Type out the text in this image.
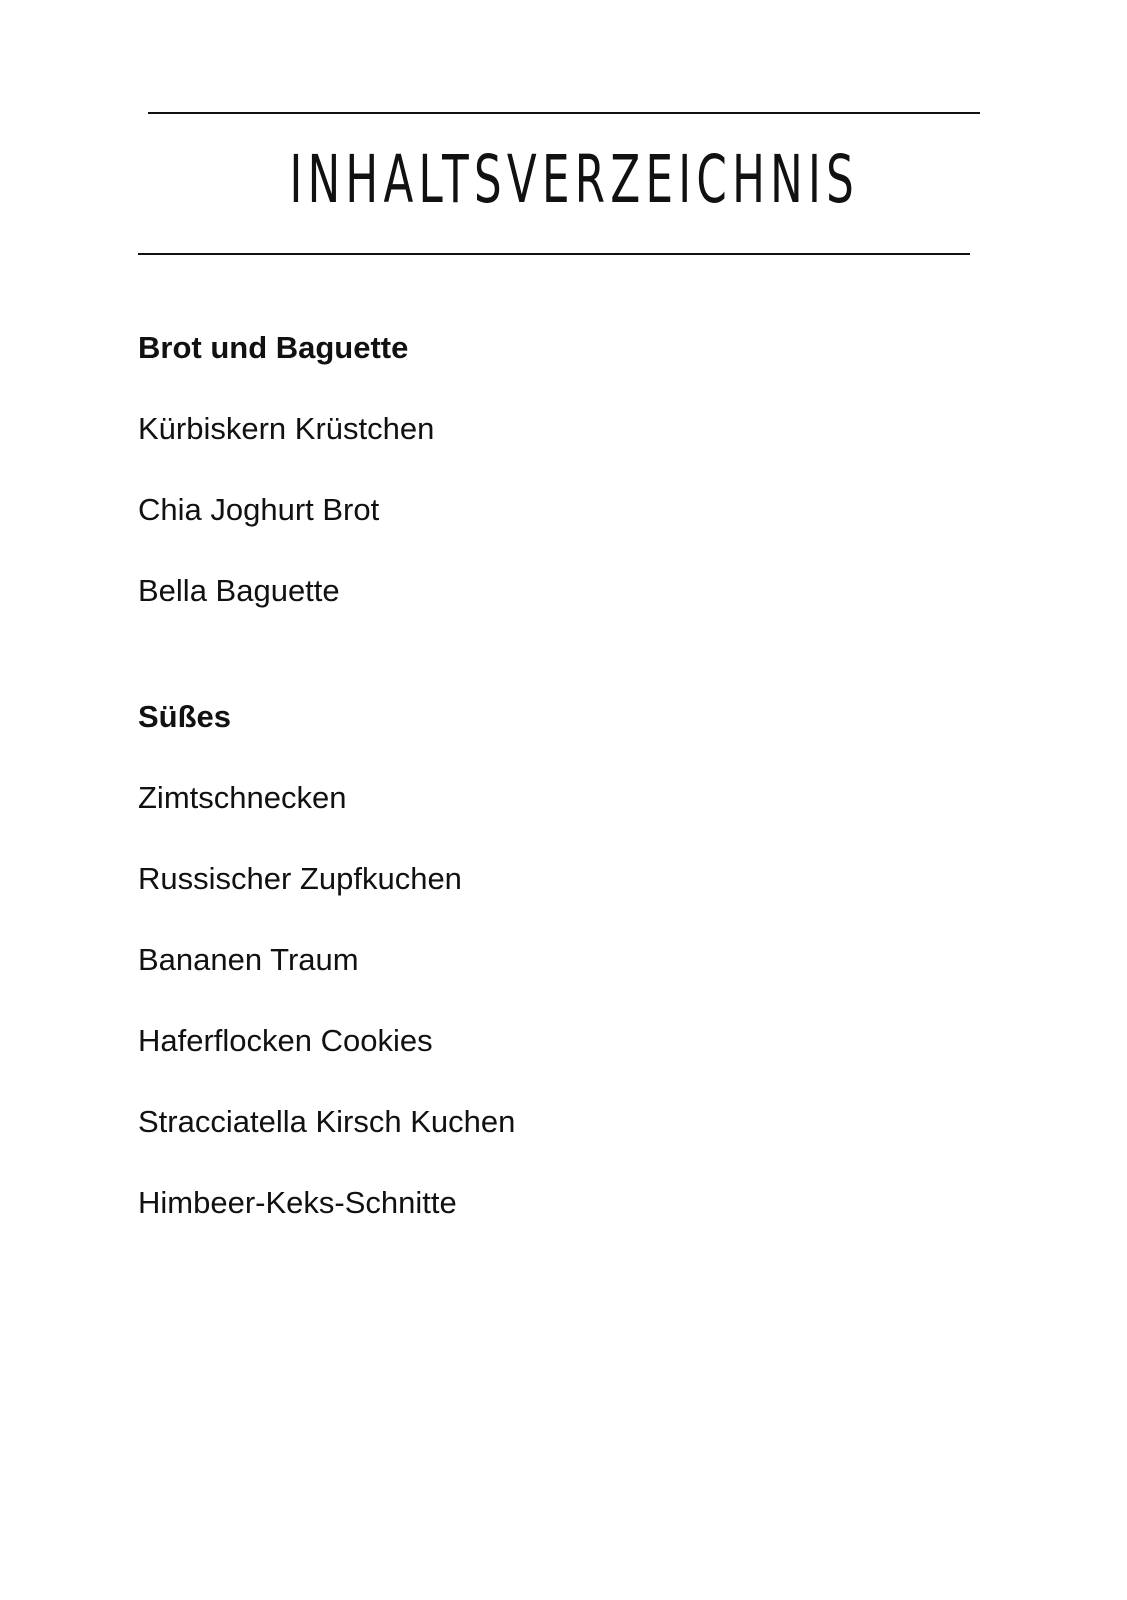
INHALTSVERZEICHNIS
Brot und Baguette
Kürbiskern Krüstchen
Chia Joghurt Brot
Bella Baguette
Süßes
Zimtschnecken
Russischer Zupfkuchen
Bananen Traum
Haferflocken Cookies
Stracciatella Kirsch Kuchen
Himbeer-Keks-Schnitte
